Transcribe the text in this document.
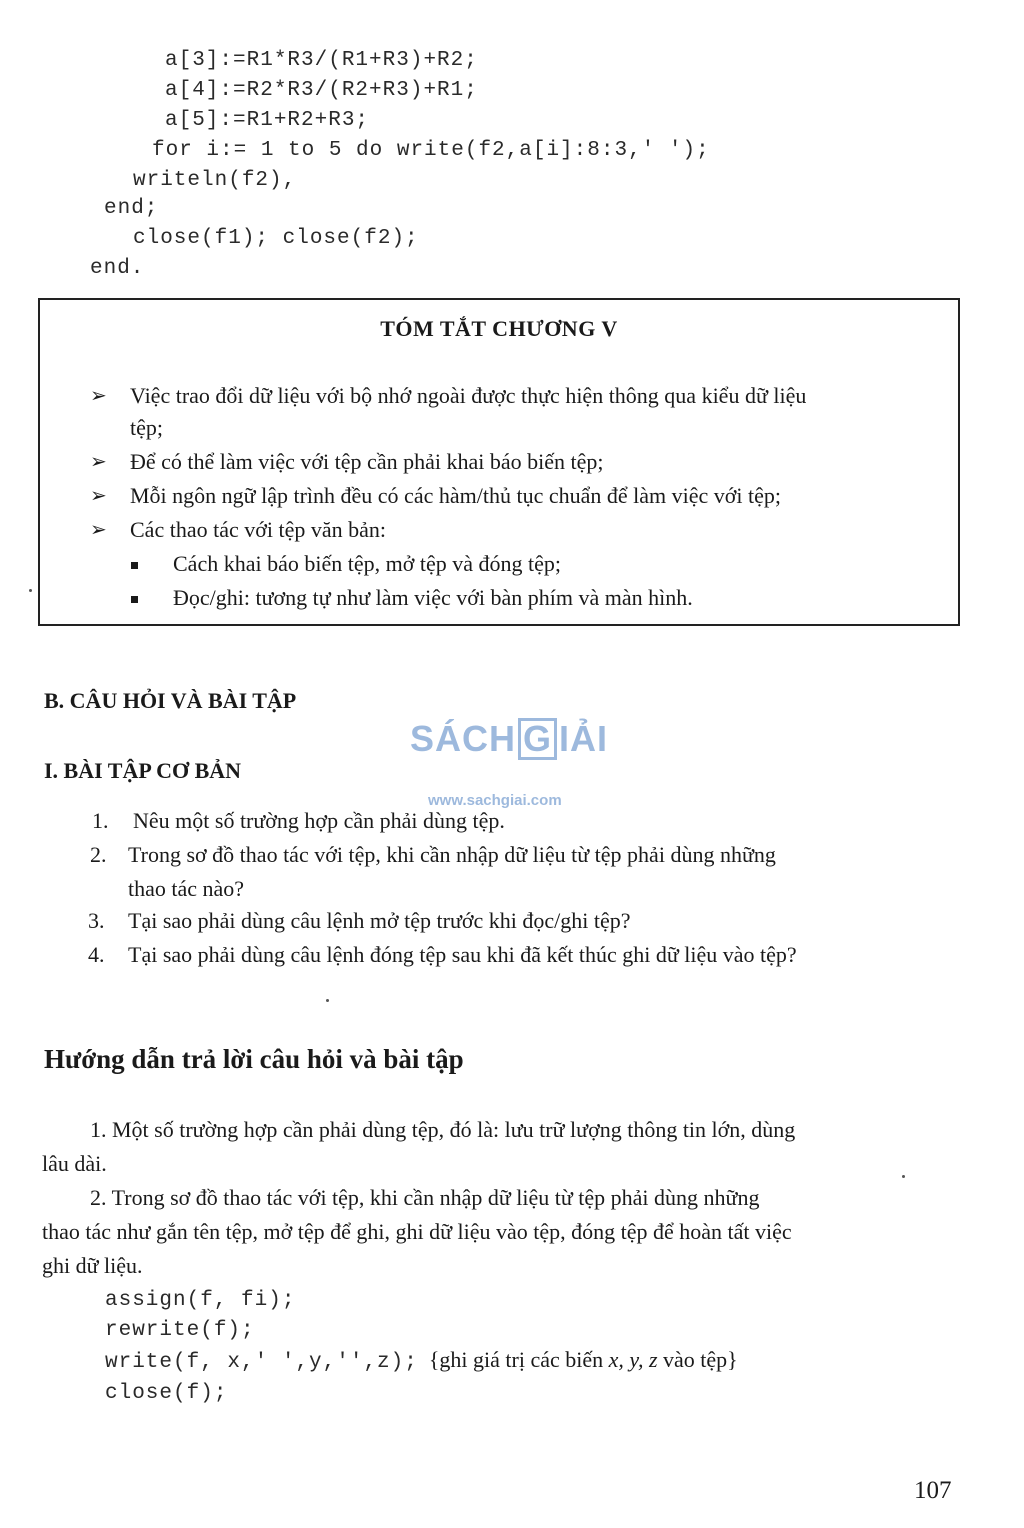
a[3]:=R1*R3/(R1+R3)+R2;
a[4]:=R2*R3/(R2+R3)+R1;
a[5]:=R1+R2+R3;
for i:= 1 to 5 do write(f2,a[i]:8:3,' ');
writeln(f2),
end;
close(f1); close(f2);
end.
TÓM TẮT CHƯƠNG V
➢ Việc trao đổi dữ liệu với bộ nhớ ngoài được thực hiện thông qua kiểu dữ liệu
tệp;
➢ Để có thể làm việc với tệp cần phải khai báo biến tệp;
➢ Mỗi ngôn ngữ lập trình đều có các hàm/thủ tục chuẩn để làm việc với tệp;
➢ Các thao tác với tệp văn bản:
Cách khai báo biến tệp, mở tệp và đóng tệp;
Đọc/ghi: tương tự như làm việc với bàn phím và màn hình.
B. CÂU HỎI VÀ BÀI TẬP
I. BÀI TẬP CƠ BẢN
SÁCH G IẢI
www.sachgiai.com
1. Nêu một số trường hợp cần phải dùng tệp.
2. Trong sơ đồ thao tác với tệp, khi cần nhập dữ liệu từ tệp phải dùng những
thao tác nào?
3. Tại sao phải dùng câu lệnh mở tệp trước khi đọc/ghi tệp?
4. Tại sao phải dùng câu lệnh đóng tệp sau khi đã kết thúc ghi dữ liệu vào tệp?
Hướng dẫn trả lời câu hỏi và bài tập
1. Một số trường hợp cần phải dùng tệp, đó là: lưu trữ lượng thông tin lớn, dùng
lâu dài.
2. Trong sơ đồ thao tác với tệp, khi cần nhập dữ liệu từ tệp phải dùng những
thao tác như gắn tên tệp, mở tệp để ghi, ghi dữ liệu vào tệp, đóng tệp để hoàn tất việc
ghi dữ liệu.
assign(f, fi);
rewrite(f);
write(f, x,' ',y,'',z); {ghi giá trị các biến x, y, z vào tệp}
close(f);
107
